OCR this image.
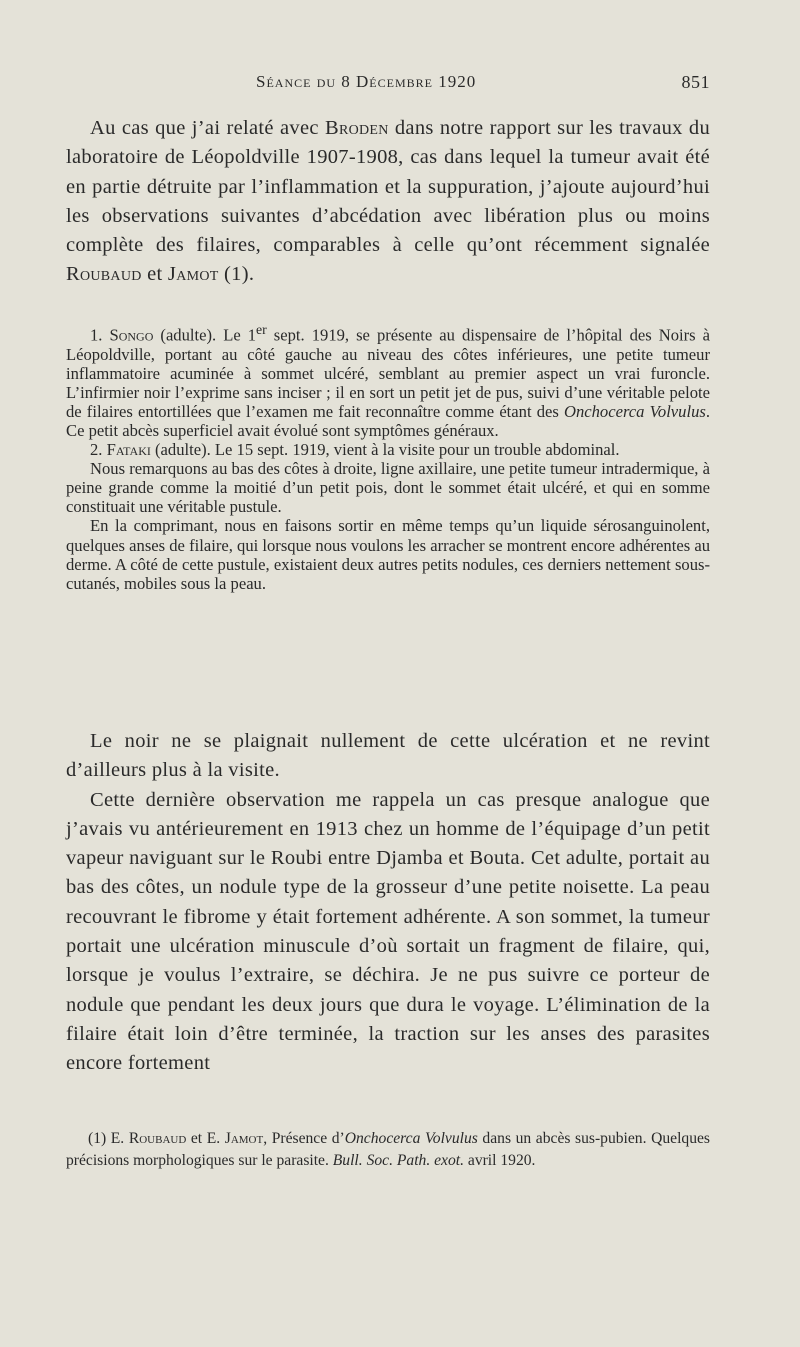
Séance du 8 Décembre 1920	851

Au cas que j’ai relaté avec Broden dans notre rapport sur les travaux du laboratoire de Léopoldville 1907-1908, cas dans lequel la tumeur avait été en partie détruite par l’inflammation et la suppuration, j’ajoute aujourd’hui les observations suivantes d’abcédation avec libération plus ou moins complète des filaires, comparables à celle qu’ont récemment signalée Roubaud et Jamot (1).

1. Songo (adulte). Le 1er sept. 1919, se présente au dispensaire de l’hôpital des Noirs à Léopoldville, portant au côté gauche au niveau des côtes inférieures, une petite tumeur inflammatoire acuminée à sommet ulcéré, semblant au premier aspect un vrai furoncle. L’infirmier noir l’exprime sans inciser ; il en sort un petit jet de pus, suivi d’une véritable pelote de filaires entortillées que l’examen me fait reconnaître comme étant des Onchocerca Volvulus. Ce petit abcès superficiel avait évolué sont symptômes généraux.

2. Fataki (adulte). Le 15 sept. 1919, vient à la visite pour un trouble abdominal.

Nous remarquons au bas des côtes à droite, ligne axillaire, une petite tumeur intradermique, à peine grande comme la moitié d’un petit pois, dont le sommet était ulcéré, et qui en somme constituait une véritable pustule.

En la comprimant, nous en faisons sortir en même temps qu’un liquide sérosanguinolent, quelques anses de filaire, qui lorsque nous voulons les arracher se montrent encore adhérentes au derme. A côté de cette pustule, existaient deux autres petits nodules, ces derniers nettement sous-cutanés, mobiles sous la peau.

Le noir ne se plaignait nullement de cette ulcération et ne revint d’ailleurs plus à la visite.

Cette dernière observation me rappela un cas presque analogue que j’avais vu antérieurement en 1913 chez un homme de l’équipage d’un petit vapeur naviguant sur le Roubi entre Djamba et Bouta. Cet adulte, portait au bas des côtes, un nodule type de la grosseur d’une petite noisette. La peau recouvrant le fibrome y était fortement adhérente. A son sommet, la tumeur portait une ulcération minuscule d’où sortait un fragment de filaire, qui, lorsque je voulus l’extraire, se déchira. Je ne pus suivre ce porteur de nodule que pendant les deux jours que dura le voyage. L’élimination de la filaire était loin d’être terminée, la traction sur les anses des parasites encore fortement

(1) E. Roubaud et E. Jamot, Présence d’Onchocerca Volvulus dans un abcès sus-pubien. Quelques précisions morphologiques sur le parasite. Bull. Soc. Path. exot. avril 1920.
